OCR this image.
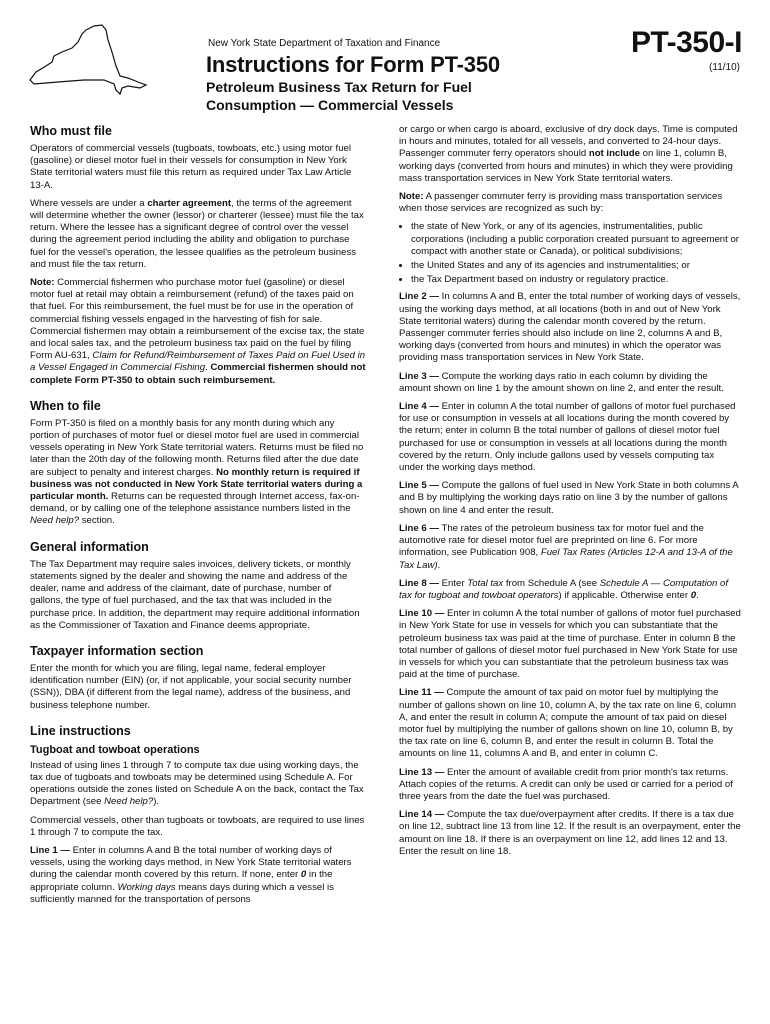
New York State Department of Taxation and Finance
Instructions for Form PT-350
Petroleum Business Tax Return for Fuel Consumption — Commercial Vessels
PT-350-I
(11/10)
Who must file

Operators of commercial vessels (tugboats, towboats, etc.) using motor fuel (gasoline) or diesel motor fuel in their vessels for consumption in New York State territorial waters must file this return as required under Tax Law Article 13-A.

Where vessels are under a charter agreement, the terms of the agreement will determine whether the owner (lessor) or charterer (lessee) must file the tax return. Where the lessee has a significant degree of control over the vessel during the agreement period including the ability and obligation to purchase fuel for the vessel's operation, the lessee qualifies as the petroleum business and must file the tax return.

Note: Commercial fishermen who purchase motor fuel (gasoline) or diesel motor fuel at retail may obtain a reimbursement (refund) of the taxes paid on that fuel. For this reimbursement, the fuel must be for use in the operation of commercial fishing vessels engaged in the harvesting of fish for sale. Commercial fishermen may obtain a reimbursement of the excise tax, the state and local sales tax, and the petroleum business tax paid on the fuel by filing Form AU-631, Claim for Refund/Reimbursement of Taxes Paid on Fuel Used in a Vessel Engaged in Commercial Fishing. Commercial fishermen should not complete Form PT-350 to obtain such reimbursement.

When to file

Form PT-350 is filed on a monthly basis for any month during which any portion of purchases of motor fuel or diesel motor fuel are used in commercial vessels operating in New York State territorial waters. Returns must be filed no later than the 20th day of the following month. Returns filed after the due date are subject to penalty and interest charges. No monthly return is required if business was not conducted in New York State territorial waters during a particular month. Returns can be requested through Internet access, fax-on-demand, or by calling one of the telephone assistance numbers listed in the Need help? section.

General information

The Tax Department may require sales invoices, delivery tickets, or monthly statements signed by the dealer and showing the name and address of the dealer, name and address of the claimant, date of purchase, number of gallons, the type of fuel purchased, and the tax that was included in the purchase price. In addition, the department may require additional information as the Commissioner of Taxation and Finance deems appropriate.

Taxpayer information section

Enter the month for which you are filing, legal name, federal employer identification number (EIN) (or, if not applicable, your social security number (SSN)), DBA (if different from the legal name), address of the business, and business telephone number.

Line instructions
Tugboat and towboat operations

Instead of using lines 1 through 7 to compute tax due using working days, the tax due of tugboats and towboats may be determined using Schedule A. For operations outside the zones listed on Schedule A on the back, contact the Tax Department (see Need help?).

Commercial vessels, other than tugboats or towboats, are required to use lines 1 through 7 to compute the tax.

Line 1 — Enter in columns A and B the total number of working days of vessels, using the working days method, in New York State territorial waters during the calendar month covered by this return. If none, enter 0 in the appropriate column. Working days means days during which a vessel is sufficiently manned for the transportation of persons

or cargo or when cargo is aboard, exclusive of dry dock days. Time is computed in hours and minutes, totaled for all vessels, and converted to 24-hour days. Passenger commuter ferry operators should not include on line 1, column B, working days (converted from hours and minutes) in which they were providing mass transportation services in New York State territorial waters.

Note: A passenger commuter ferry is providing mass transportation services when those services are recognized as such by:

• the state of New York, or any of its agencies, instrumentalities, public corporations (including a public corporation created pursuant to agreement or compact with another state or Canada), or political subdivisions;
• the United States and any of its agencies and instrumentalities; or
• the Tax Department based on industry or regulatory practice.

Line 2 — In columns A and B, enter the total number of working days of vessels, using the working days method, at all locations (both in and out of New York State territorial waters) during the calendar month covered by the return. Passenger commuter ferries should also include on line 2, columns A and B, working days (converted from hours and minutes) in which the operator was providing mass transportation services in New York State.

Line 3 — Compute the working days ratio in each column by dividing the amount shown on line 1 by the amount shown on line 2, and enter the result.

Line 4 — Enter in column A the total number of gallons of motor fuel purchased for use or consumption in vessels at all locations during the month covered by the return; enter in column B the total number of gallons of diesel motor fuel purchased for use or consumption in vessels at all locations during the month covered by the return. Only include gallons used by vessels computing tax under the working days method.

Line 5 — Compute the gallons of fuel used in New York State in both columns A and B by multiplying the working days ratio on line 3 by the number of gallons shown on line 4 and enter the result.

Line 6 — The rates of the petroleum business tax for motor fuel and the automotive rate for diesel motor fuel are preprinted on line 6. For more information, see Publication 908, Fuel Tax Rates (Articles 12-A and 13-A of the Tax Law).

Line 8 — Enter Total tax from Schedule A (see Schedule A — Computation of tax for tugboat and towboat operators) if applicable. Otherwise enter 0.

Line 10 — Enter in column A the total number of gallons of motor fuel purchased in New York State for use in vessels for which you can substantiate that the petroleum business tax was paid at the time of purchase. Enter in column B the total number of gallons of diesel motor fuel purchased in New York State for use in vessels for which you can substantiate that the petroleum business tax was paid at the time of purchase.

Line 11 — Compute the amount of tax paid on motor fuel by multiplying the number of gallons shown on line 10, column A, by the tax rate on line 6, column A, and enter the result in column A; compute the amount of tax paid on diesel motor fuel by multiplying the number of gallons shown on line 10, column B, by the tax rate on line 6, column B, and enter the result in column B. Total the amounts on line 11, columns A and B, and enter in column C.

Line 13 — Enter the amount of available credit from prior month's tax returns. Attach copies of the returns. A credit can only be used or carried for a period of three years from the date the fuel was purchased.

Line 14 — Compute the tax due/overpayment after credits. If there is a tax due on line 12, subtract line 13 from line 12. If the result is an overpayment, enter the amount on line 18. If there is an overpayment on line 12, add lines 12 and 13. Enter the result on line 18.
